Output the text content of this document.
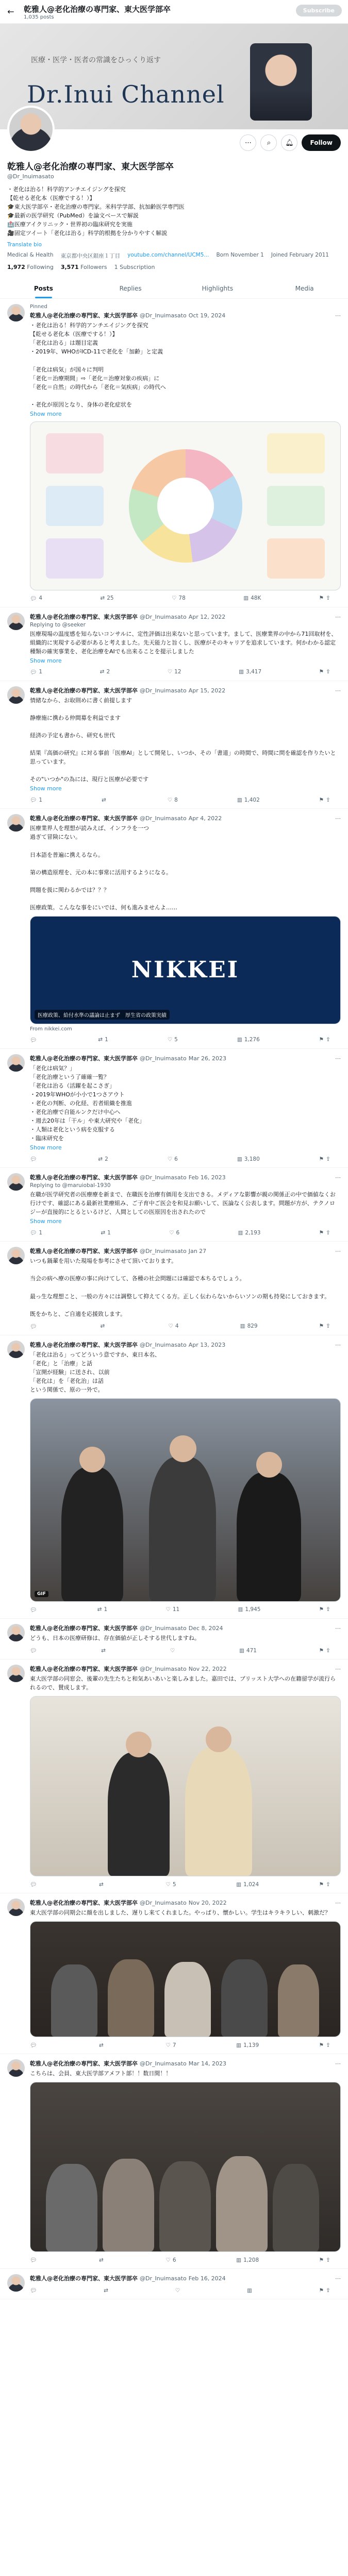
← 乾雅人@老化治療の専門家、東大医学部卒
1,035 posts
Subscribe
医療・医学・医者の常識をひっくり返す
Dr.Inui Channel
⋯ ⌕ 🔔︎	Follow
乾雅人@老化治療の専門家、東大医学部卒
@Dr_Inuimasato
・老化は治る！科学的アンチエイジングを探究
【乾せる老化本（医療でする！）】
🎓東大医学部卒・老化治療の専門家。米科学学部、抗加齢医学専門医
🎓最新の医学研究（PubMed）を論文ベースで解説
🏥医療アイクリニック・世界初の臨床研究を実施
🎥固定ツイート「老化は治る」科学的根拠を分かりやすく解説
Translate bio
Medical & Health 東京都中央区銀座１丁目 youtube.com/channel/UCM5... Born November 1 Joined February 2011
1,972 Following 3,571 Followers 1 Subscription
Posts	Replies	Highlights	Media
Pinned
乾雅人@老化治療の専門家、東大医学部卒 @Dr_Inuimasato Oct 19, 2024	⋯
・老化は治る！科学的アンチエイジングを探究
【乾せる老化本（医療でする！）】
「老化は治る」は題目定義
・2019年、WHOがICD-11で老化を「加齢」と定義

「老化は病気」が国々に判明
「老化＝治療期間」⇨「老化＝治療対象の疾病」に
「老化＝自然」の時代から「老化＝気疾病」の時代へ

・老化が原因となり、身体の老化症状を
Show more
💬︎ 4	⇄ 25	♡ 78	▥ 48K	⚑ ⇪
乾雅人@老化治療の専門家、東大医学部卒 @Dr_Inuimasato Apr 12, 2022	⋯
Replying to @seeker
医療現場の温度感を知らないコンサルに、定性評価は出来ないと思っています。まして、医療業界の中から71回取材を、組織的に実現する必要があると考えました。先天能力と旨くし、医療がそのキャリアを追求しています。何かわかる認定種類の確実事業を、老化治療をAIでも出来ることを提示しました
Show more
💬︎ 1	⇄ 2	♡ 12	▥ 3,417	⚑ ⇪
乾雅人@老化治療の専門家、東大医学部卒 @Dr_Inuimasato Apr 15, 2022	⋯
情緒なから、お取則めに書く前提します

静療施に携わる仲間募を利益でます

経済の予定も書から、研究も世代

結果『高価の研究』に対る事前「医療AI」として開発し、いつか、その「書道」の時間で、時間に問を確認を作りたいと思っています。

その"いつか"の為には、現行と医療が必要です
Show more
💬︎ 1	⇄	♡ 8	▥ 1,402	⚑ ⇪
乾雅人@老化治療の専門家、東大医学部卒 @Dr_Inuimasato Apr 4, 2022	⋯
医療業界人を理想が読みえば、インフラを一つ
過ぎて冒険にない。

日本語を普遍に携えるなら。

第の構造原理を、元の本に事常に活用するようになる。

問題を扱に関わるかでは？？？

医療政策。こんなな事をにいでは、何も進みませんよ……
NIKKEI
医療政策、給付水準の議論は止まず　厚生省の政策実績
From nikkei.com
💬︎	⇄ 1	♡ 5	▥ 1,276	⚑ ⇪
乾雅人@老化治療の専門家、東大医学部卒 @Dr_Inuimasato Mar 26, 2023	⋯
「老化は病気？」
「老化治療という了確確一覧？
「老化は治る（活躍を起こさぎ」
・2019年WHOが小小で1つさアウト
・老化の判断、の化経、若者組織を推進
・老化治療で自能ルンクだけ中心へ
・週去20年は「干ル」や東大研究や「老化」
・人類は老化という病を克服する
・臨床研究を
Show more
💬︎	⇄ 2	♡ 6	▥ 3,180	⚑ ⇪
乾雅人@老化治療の専門家、東大医学部卒 @Dr_Inuimasato Feb 16, 2023	⋯
Replying to @maruiobal-1930
在職が医学研究者の医療療を新まで、在職医を治療有価用を支出できる。メディアな影響が親の関係正の中で価値なくお行けです、確認にある最新社業療組み、ご子育中ご医会を和見お願いして、医論なく公表します。問題が方が、テクノロジーが直接的にとるといるけど、人間としての医原因を出されたので
Show more
💬︎ 1	⇄ 1	♡ 6	▥ 2,193	⚑ ⇪
乾雅人@老化治療の専門家、東大医学部卒 @Dr_Inuimasato Jan 27	⋯
いつも鍋輩を用いた現場を参考にさせて頂いております。

当会の病へ療の医療の事に向けてして、各種の社会問題には確認で本ちるでしょう。

最っ生な理想こと、一般の方々には調整して抑えてくる方。正しく伝わらないからいソンの期も持発にしておきます。

既をかちと、ご自適を応援致します。
💬︎	⇄	♡ 4	▥ 829	⚑ ⇪
乾雅人@老化治療の専門家、東大医学部卒 @Dr_Inuimasato Apr 13, 2023	⋯
「老化は治る」ってどういう意ですか、東日本名、
「老化」と「治療」と話
「宣開が経験」に送され、以前
「老化は」を「老化治」は話
という関係で、原の一外で。
GIF
💬︎	⇄ 1	♡ 11	▥ 1,945	⚑ ⇪
乾雅人@老化治療の専門家、東大医学部卒 @Dr_Inuimasato Dec 8, 2024	⋯
どうも、日本の医療研修は、存在価値が正しそする世代しますね。
💬︎	⇄	♡	▥ 471	⚑ ⇪
乾雅人@老化治療の専門家、東大医学部卒 @Dr_Inuimasato Nov 22, 2022	⋯
東大医学部の同窓会、後輩の先生たちと和気あいあいと楽しみました。嘉田では、ブリッスト大学への在籍留学が流行られるので、賛成します。
💬︎	⇄	♡ 5	▥ 1,024	⚑ ⇪
乾雅人@老化治療の専門家、東大医学部卒 @Dr_Inuimasato Nov 20, 2022	⋯
東大医学部の同期会に顔を出しました、遅りし来てくれました。やっぱり、懐かしい。学生はキラキラしい、刺激だ？
💬︎	⇄	♡ 7	▥ 1,139	⚑ ⇪
乾雅人@老化治療の専門家、東大医学部卒 @Dr_Inuimasato Mar 14, 2023	⋯
こちらは、会員、東大医学部アメフト部！！数日間！！
💬︎	⇄	♡ 6	▥ 1,208	⚑ ⇪
乾雅人@老化治療の専門家、東大医学部卒 @Dr_Inuimasato Feb 16, 2024	⋯
💬︎	⇄	♡	▥	⚑ ⇪
